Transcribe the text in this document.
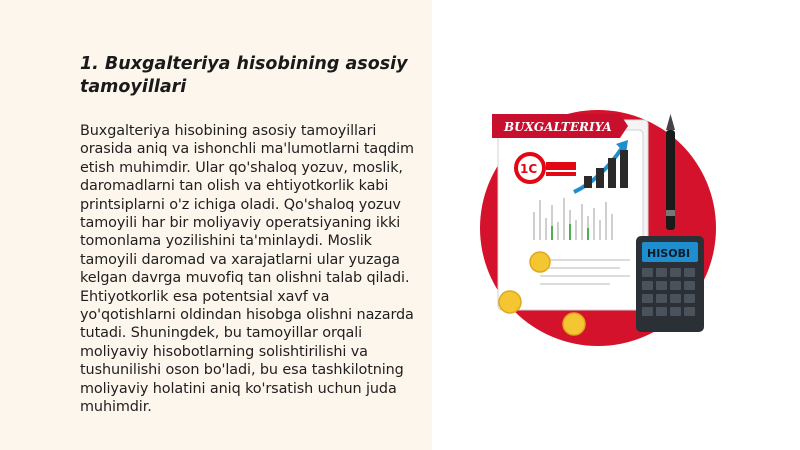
1. Buxgalteriya hisobining asosiy tamoyillari

Buxgalteriya hisobining asosiy tamoyillari orasida aniq va ishonchli ma'lumotlarni taqdim etish muhimdir. Ular qo'shaloq yozuv, moslik, daromadlarni tan olish va ehtiyotkorlik kabi printsiplarni o'z ichiga oladi. Qo'shaloq yozuv tamoyili har bir moliyaviy operatsiyaning ikki tomonlama yozilishini ta'minlaydi. Moslik tamoyili daromad va xarajatlarni ular yuzaga kelgan davrga muvofiq tan olishni talab qiladi. Ehtiyotkorlik esa potentsial xavf va yo'qotishlarni oldindan hisobga olishni nazarda tutadi. Shuningdek, bu tamoyillar orqali moliyaviy hisobotlarning solishtirilishi va tushunilishi oson bo'ladi, bu esa tashkilotning moliyaviy holatini aniq ko'rsatish uchun juda muhimdir.

BUXGALTERIYA
1C
HISOBI
